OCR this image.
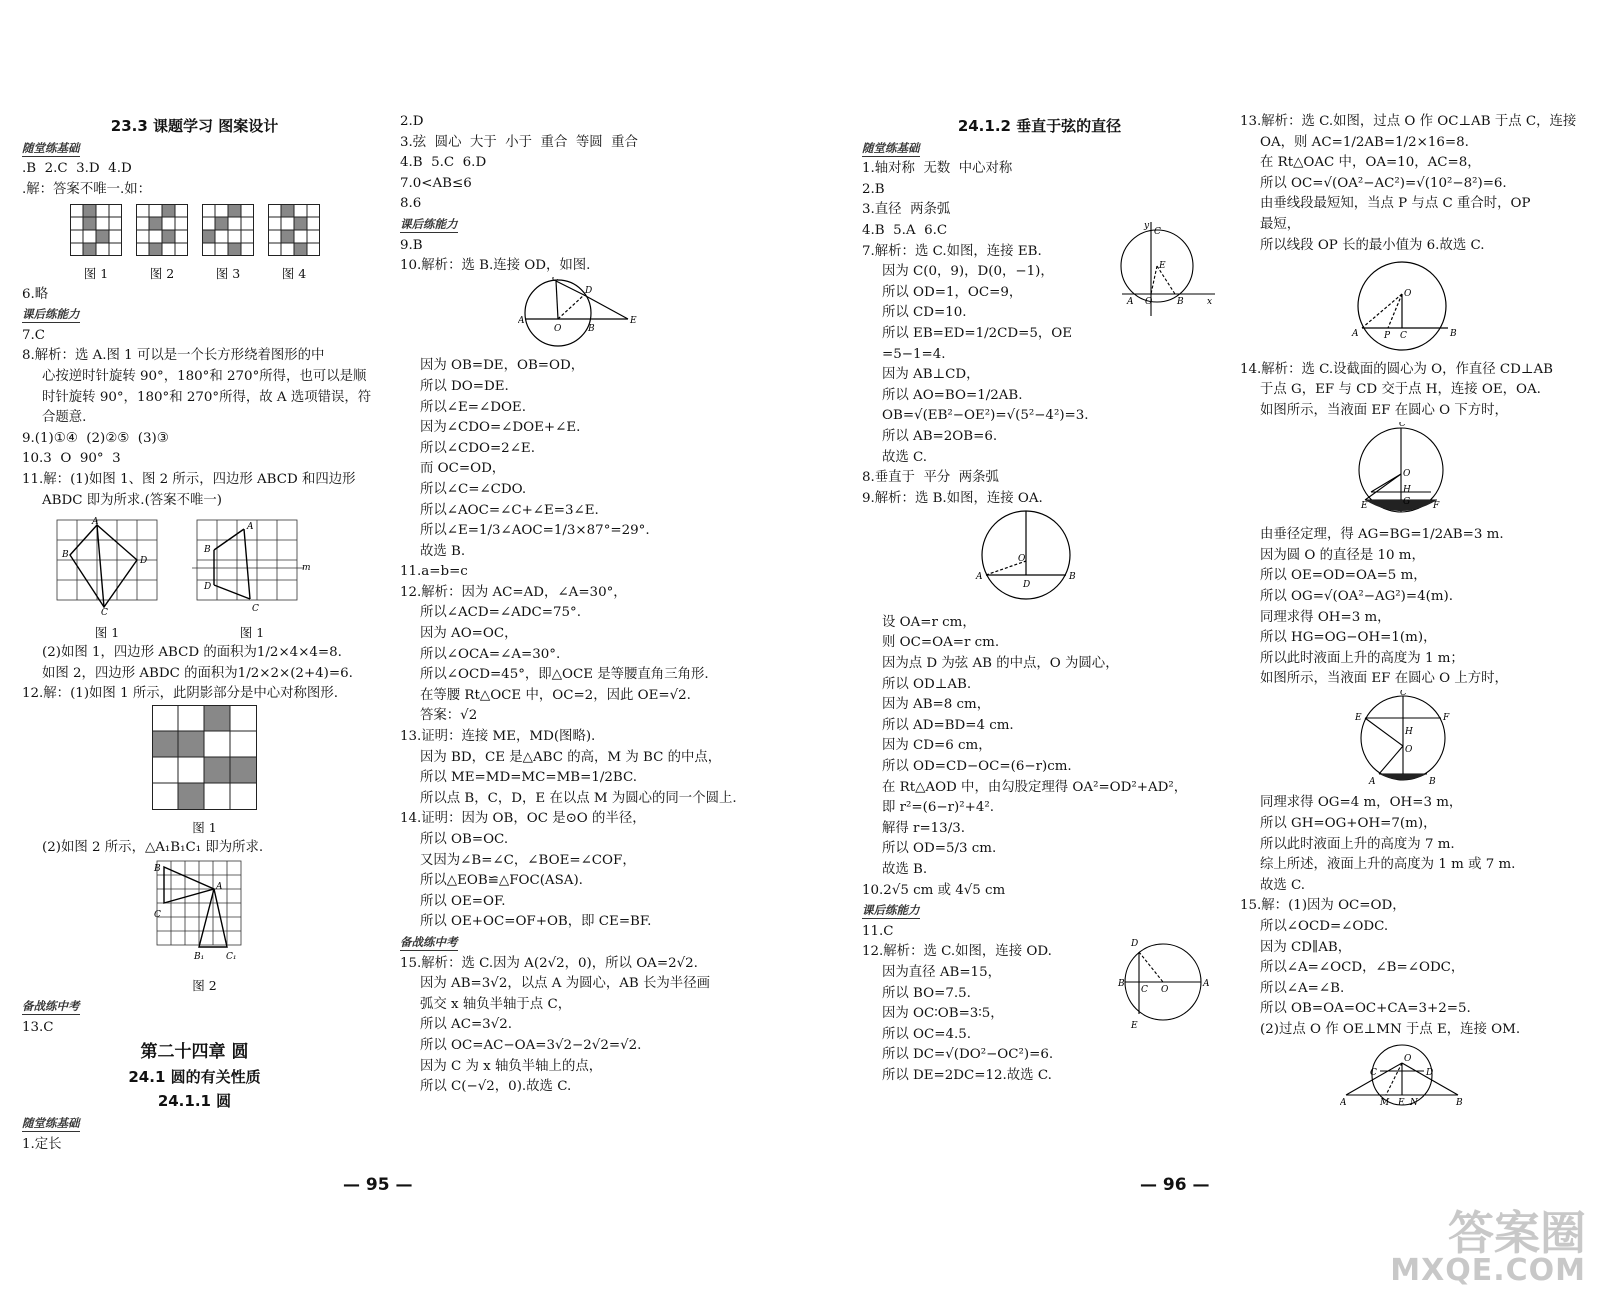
23.3 课题学习 图案设计
随堂练基础
.B  2.C  3.D  4.D
.解：答案不唯一.如：
图 1	图 2	图 3	图 4
6.略
课后练能力
7.C
8.解析：选 A.图 1 可以是一个长方形绕着图形的中
心按逆时针旋转 90°，180°和 270°所得，也可以是顺
时针旋转 90°，180°和 270°所得，故 A 选项错误，符
合题意.
9.(1)①④  (2)②⑤  (3)③
10.3  O  90°  3
11.解：(1)如图 1、图 2 所示，四边形 ABCD 和四边形
ABDC 即为所求.(答案不唯一)
A
B
D
C
图 1
A
B
D
C
m
图 1
(2)如图 1，四边形 ABCD 的面积为1/2×4×4=8.
如图 2，四边形 ABDC 的面积为1/2×2×(2+4)=6.
12.解：(1)如图 1 所示，此阴影部分是中心对称图形.
图 1
(2)如图 2 所示，△A₁B₁C₁ 即为所求.
B
A
C
B₁ C₁
图 2
备战练中考
13.C
第二十四章 圆
24.1 圆的有关性质
24.1.1 圆
随堂练基础
1.定长
2.D
3.弦  圆心  大于  小于  重合  等圆  重合
4.B  5.C  6.D
7.0<AB≤6
8.6
课后练能力
9.B
10.解析：选 B.连接 OD，如图.
A
C
D
O	B
E
因为 OB=DE，OB=OD，
所以 DO=DE.
所以∠E=∠DOE.
因为∠CDO=∠DOE+∠E.
所以∠CDO=2∠E.
而 OC=OD，
所以∠C=∠CDO.
所以∠AOC=∠C+∠E=3∠E.
所以∠E=1/3∠AOC=1/3×87°=29°.
故选 B.
11.a=b=c
12.解析：因为 AC=AD，∠A=30°，
所以∠ACD=∠ADC=75°.
因为 AO=OC，
所以∠OCA=∠A=30°.
所以∠OCD=45°，即△OCE 是等腰直角三角形.
在等腰 Rt△OCE 中，OC=2，因此 OE=√2.
答案：√2
13.证明：连接 ME，MD(图略).
因为 BD，CE 是△ABC 的高，M 为 BC 的中点，
所以 ME=MD=MC=MB=1/2BC.
所以点 B，C，D，E 在以点 M 为圆心的同一个圆上.
14.证明：因为 OB，OC 是⊙O 的半径，
所以 OB=OC.
又因为∠B=∠C，∠BOE=∠COF，
所以△EOB≌△FOC(ASA).
所以 OE=OF.
所以 OE+OC=OF+OB，即 CE=BF.
备战练中考
15.解析：选 C.因为 A(2√2，0)，所以 OA=2√2.
因为 AB=3√2，以点 A 为圆心，AB 长为半径画
弧交 x 轴负半轴于点 C，
所以 AC=3√2.
所以 OC=AC−OA=3√2−2√2=√2.
因为 C 为 x 轴负半轴上的点，
所以 C(−√2，0).故选 C.
24.1.2 垂直于弦的直径
随堂练基础
1.轴对称  无数  中心对称
2.B
3.直径  两条弧
4.B  5.A  6.C
7.解析：选 C.如图，连接 EB.
因为 C(0，9)，D(0，−1)，
所以 OD=1，OC=9，
所以 CD=10.
所以 EB=ED=1/2CD=5，OE
=5−1=4.
因为 AB⊥CD，
所以 AO=BO=1/2AB.
OB=√(EB²−OE²)=√(5²−4²)=3.
所以 AB=2OB=6.
故选 C.
y
C
E
A O	B	x
8.垂直于  平分  两条弧
9.解析：选 B.如图，连接 OA.
O
A
D
B
设 OA=r cm，
则 OC=OA=r cm.
因为点 D 为弦 AB 的中点，O 为圆心，
所以 OD⊥AB.
因为 AB=8 cm，
所以 AD=BD=4 cm.
因为 CD=6 cm，
所以 OD=CD−OC=(6−r)cm.
在 Rt△AOD 中，由勾股定理得 OA²=OD²+AD²，
即 r²=(6−r)²+4².
解得 r=13/3.
所以 OD=5/3 cm.
故选 B.
10.2√5 cm 或 4√5 cm
课后练能力
11.C
12.解析：选 C.如图，连接 OD.
因为直径 AB=15，
所以 BO=7.5.
因为 OC∶OB=3∶5，
所以 OC=4.5.
所以 DC=√(DO²−OC²)=6.
所以 DE=2DC=12.故选 C.
D
B
C O
A
E
13.解析：选 C.如图，过点 O 作 OC⊥AB 于点 C，连接
OA，则 AC=1/2AB=1/2×16=8.
在 Rt△OAC 中，OA=10，AC=8，
所以 OC=√(OA²−AC²)=√(10²−8²)=6.
由垂线段最短知，当点 P 与点 C 重合时，OP
最短，
所以线段 OP 长的最小值为 6.故选 C.
O
A	P C	B
14.解析：选 C.设截面的圆心为 O，作直径 CD⊥AB
于点 G，EF 与 CD 交于点 H，连接 OE，OA.
如图所示，当液面 EF 在圆心 O 下方时，
C
O
H
E	F
G
由垂径定理，得 AG=BG=1/2AB=3 m.
因为圆 O 的直径是 10 m，
所以 OE=OD=OA=5 m，
所以 OG=√(OA²−AG²)=4(m).
同理求得 OH=3 m，
所以 HG=OG−OH=1(m)，
所以此时液面上升的高度为 1 m；
如图所示，当液面 EF 在圆心 O 上方时，
C
E	F
H
O
A	B
同理求得 OG=4 m，OH=3 m，
所以 GH=OG+OH=7(m)，
所以此时液面上升的高度为 7 m.
综上所述，液面上升的高度为 1 m 或 7 m.
故选 C.
15.解：(1)因为 OC=OD，
所以∠OCD=∠ODC.
因为 CD∥AB，
所以∠A=∠OCD，∠B=∠ODC，
所以∠A=∠B.
所以 OB=OA=OC+CA=3+2=5.
(2)过点 O 作 OE⊥MN 于点 E，连接 OM.
O
C	D
A	M E N	B
— 95 —	— 96 —
答案圈
MXQE.COM
